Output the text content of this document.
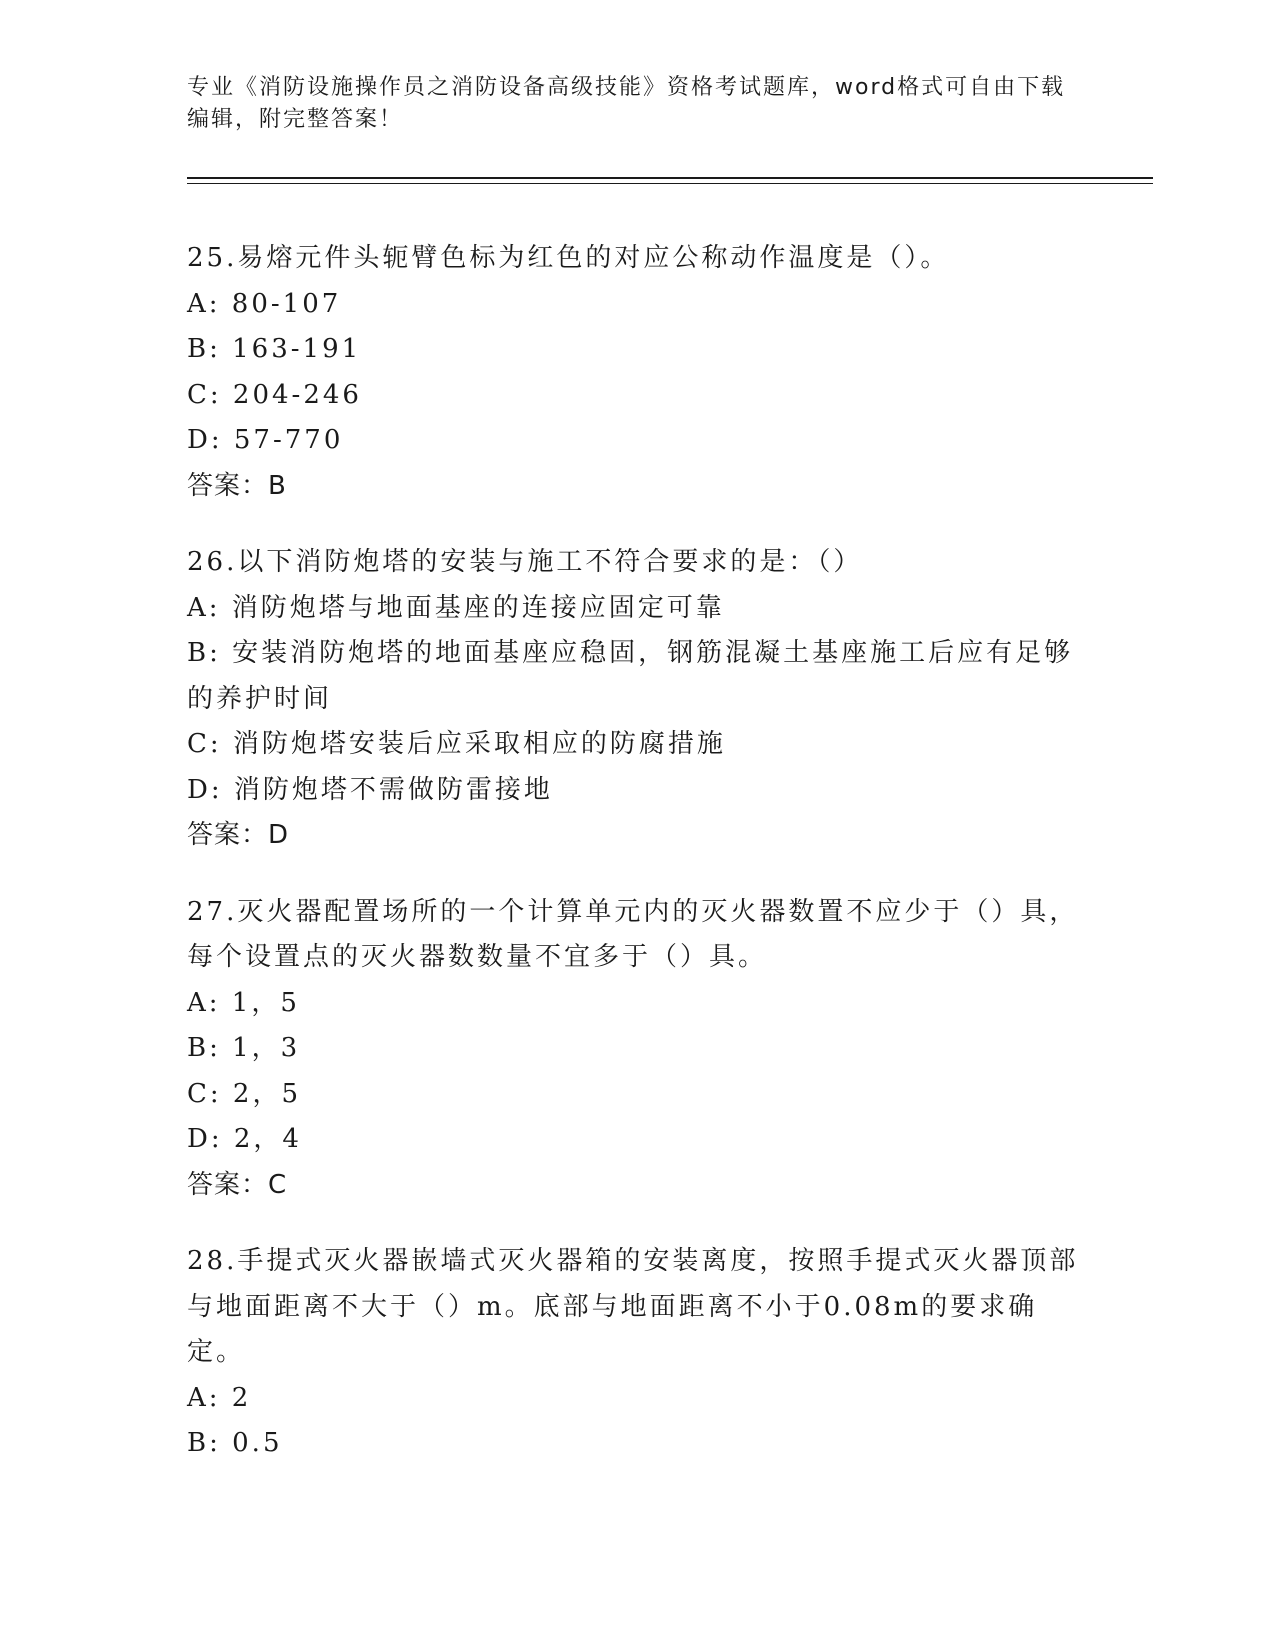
专业《消防设施操作员之消防设备高级技能》资格考试题库，word格式可自由下载编辑，附完整答案！
25.易熔元件头轭臂色标为红色的对应公称动作温度是（）。
A: 80-107
B: 163-191
C: 204-246
D: 57-770
答案：B
26.以下消防炮塔的安装与施工不符合要求的是：（）
A: 消防炮塔与地面基座的连接应固定可靠
B: 安装消防炮塔的地面基座应稳固，钢筋混凝土基座施工后应有足够的养护时间
C: 消防炮塔安装后应采取相应的防腐措施
D: 消防炮塔不需做防雷接地
答案：D
27.灭火器配置场所的一个计算单元内的灭火器数置不应少于（）具，每个设置点的灭火器数数量不宜多于（）具。
A: 1，5
B: 1，3
C: 2，5
D: 2，4
答案：C
28.手提式灭火器嵌墙式灭火器箱的安装离度，按照手提式灭火器顶部与地面距离不大于（）m。底部与地面距离不小于0.08m的要求确定。
A: 2
B: 0.5
